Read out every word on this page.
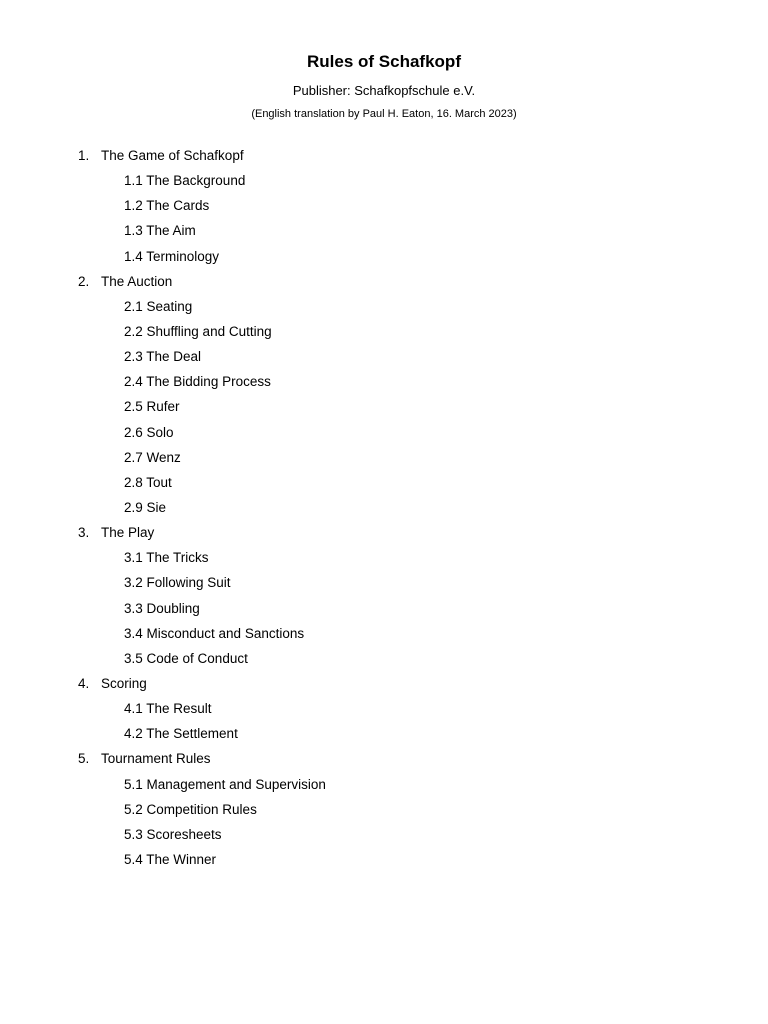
Rules of Schafkopf
Publisher: Schafkopfschule e.V.
(English translation by Paul H. Eaton, 16. March 2023)
1. The Game of Schafkopf
1.1 The Background
1.2 The Cards
1.3 The Aim
1.4 Terminology
2. The Auction
2.1 Seating
2.2 Shuffling and Cutting
2.3 The Deal
2.4 The Bidding Process
2.5 Rufer
2.6 Solo
2.7 Wenz
2.8 Tout
2.9 Sie
3. The Play
3.1 The Tricks
3.2 Following Suit
3.3 Doubling
3.4 Misconduct and Sanctions
3.5 Code of Conduct
4. Scoring
4.1 The Result
4.2 The Settlement
5. Tournament Rules
5.1 Management and Supervision
5.2 Competition Rules
5.3 Scoresheets
5.4 The Winner
